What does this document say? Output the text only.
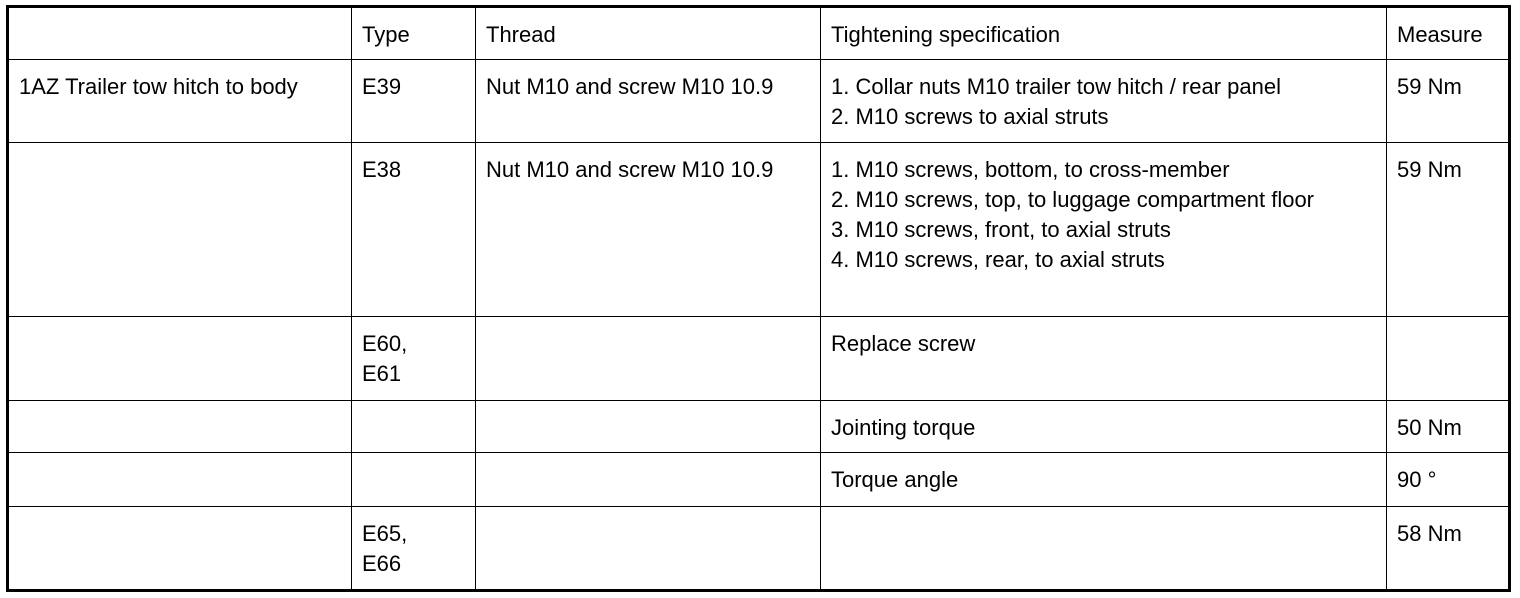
	Type	Thread	Tightening specification	Measure
1AZ Trailer tow hitch to body	E39	Nut M10 and screw M10 10.9	1. Collar nuts M10 trailer tow hitch / rear panel
2. M10 screws to axial struts	59 Nm
	E38	Nut M10 and screw M10 10.9	1. M10 screws, bottom, to cross-member
2. M10 screws, top, to luggage compartment floor
3. M10 screws, front, to axial struts
4. M10 screws, rear, to axial struts	59 Nm
	E60,
E61		Replace screw	
			Jointing torque	50 Nm
			Torque angle	90 °
	E65,
E66			58 Nm
